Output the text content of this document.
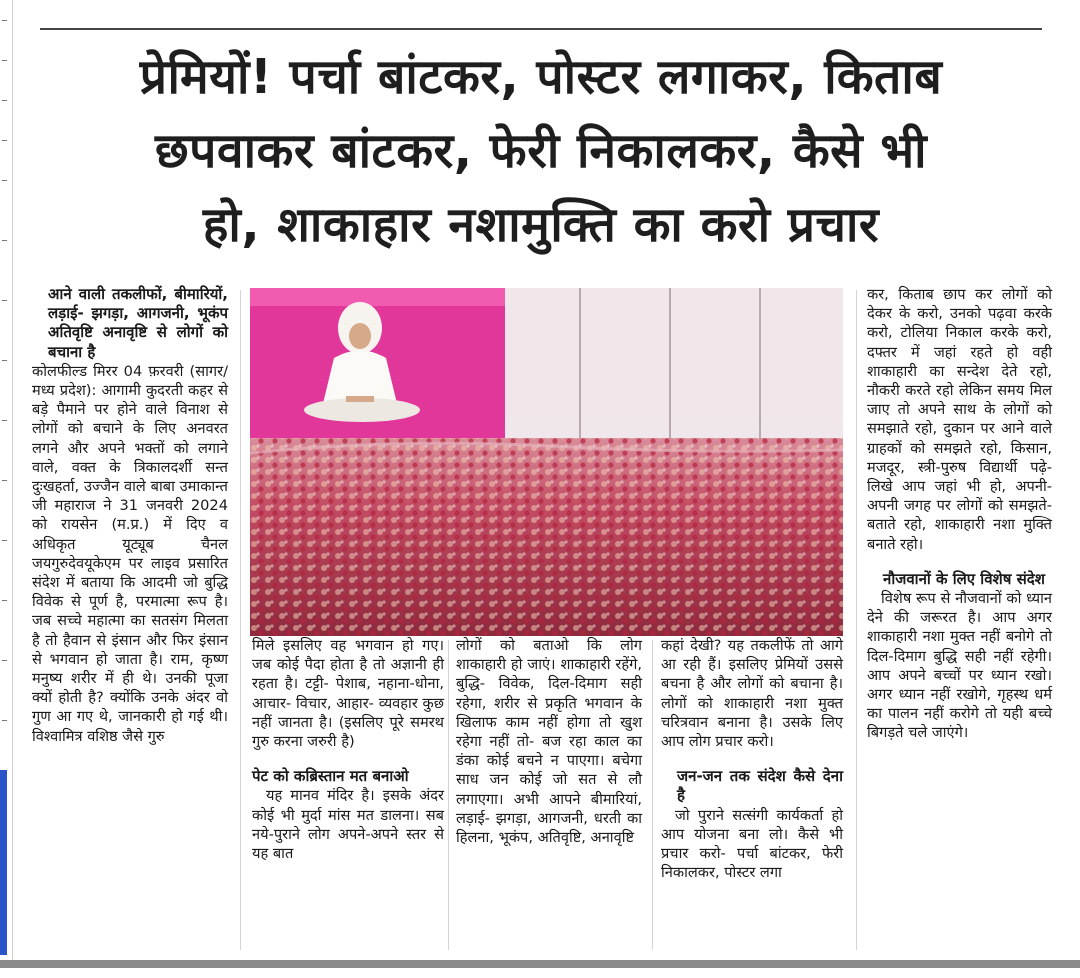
प्रेमियों! पर्चा बांटकर, पोस्टर लगाकर, किताब
छपवाकर बांटकर, फेरी निकालकर, कैसे भी
हो, शाकाहार नशामुक्ति का करो प्रचार

आने वाली तकलीफों, बीमारियों, लड़ाई- झगड़ा, आगजनी, भूकंप अतिवृष्टि अनावृष्टि से लोगों को बचाना है

कोलफील्ड मिरर 04 फ़रवरी (सागर/मध्य प्रदेश): आगामी कुदरती कहर से बड़े पैमाने पर होने वाले विनाश से लोगों को बचाने के लिए अनवरत लगने और अपने भक्तों को लगाने वाले, वक्त के त्रिकालदर्शी सन्त दुःखहर्ता, उज्जैन वाले बाबा उमाकान्त जी महाराज ने 31 जनवरी 2024 को रायसेन (म.प्र.) में दिए व अधिकृत यूट्यूब चैनल जयगुरुदेवयूकेएम पर लाइव प्रसारित संदेश में बताया कि आदमी जो बुद्धि विवेक से पूर्ण है, परमात्मा रूप है। जब सच्चे महात्मा का सतसंग मिलता है तो हैवान से इंसान और फिर इंसान से भगवान हो जाता है। राम, कृष्ण मनुष्य शरीर में ही थे। उनकी पूजा क्यों होती है? क्योंकि उनके अंदर वो गुण आ गए थे, जानकारी हो गई थी। विश्वामित्र वशिष्ठ जैसे गुरु

मिले इसलिए वह भगवान हो गए। जब कोई पैदा होता है तो अज्ञानी ही रहता है। टट्टी- पेशाब, नहाना-धोना, आचार- विचार, आहार- व्यवहार कुछ नहीं जानता है। (इसलिए पूरे समरथ गुरु करना जरुरी है)

पेट को कब्रिस्तान मत बनाओ

यह मानव मंदिर है। इसके अंदर कोई भी मुर्दा मांस मत डालना। सब नये-पुराने लोग अपने-अपने स्तर से यह बात

लोगों को बताओ कि लोग शाकाहारी हो जाएं। शाकाहारी रहेंगे, बुद्धि- विवेक, दिल-दिमाग सही रहेगा, शरीर से प्रकृति भगवान के खिलाफ काम नहीं होगा तो खुश रहेगा नहीं तो- बज रहा काल का डंका कोई बचने न पाएगा। बचेगा साध जन कोई जो सत से लौ लगाएगा। अभी आपने बीमारियां, लड़ाई- झगड़ा, आगजनी, धरती का हिलना, भूकंप, अतिवृष्टि, अनावृष्टि

कहां देखी? यह तकलीफें तो आगे आ रही हैं। इसलिए प्रेमियों उससे बचना है और लोगों को बचाना है। लोगों को शाकाहारी नशा मुक्त चरित्रवान बनाना है। उसके लिए आप लोग प्रचार करो।

जन-जन तक संदेश कैसे देना है

जो पुराने सत्संगी कार्यकर्ता हो आप योजना बना लो। कैसे भी प्रचार करो- पर्चा बांटकर, फेरी निकालकर, पोस्टर लगा

कर, किताब छाप कर लोगों को देकर के करो, उनको पढ़वा करके करो, टोलिया निकाल करके करो, दफ्तर में जहां रहते हो वही शाकाहारी का सन्देश देते रहो, नौकरी करते रहो लेकिन समय मिल जाए तो अपने साथ के लोगों को समझाते रहो, दुकान पर आने वाले ग्राहकों को समझते रहो, किसान, मजदूर, स्त्री-पुरुष विद्यार्थी पढ़े-लिखे आप जहां भी हो, अपनी-अपनी जगह पर लोगों को समझते-बताते रहो, शाकाहारी नशा मुक्ति बनाते रहो।

नौजवानों के लिए विशेष संदेश

विशेष रूप से नौजवानों को ध्यान देने की जरूरत है। आप अगर शाकाहारी नशा मुक्त नहीं बनोगे तो दिल-दिमाग बुद्धि सही नहीं रहेगी। आप अपने बच्चों पर ध्यान रखो। अगर ध्यान नहीं रखोगे, गृहस्थ धर्म का पालन नहीं करोगे तो यही बच्चे बिगड़ते चले जाएंगे।
